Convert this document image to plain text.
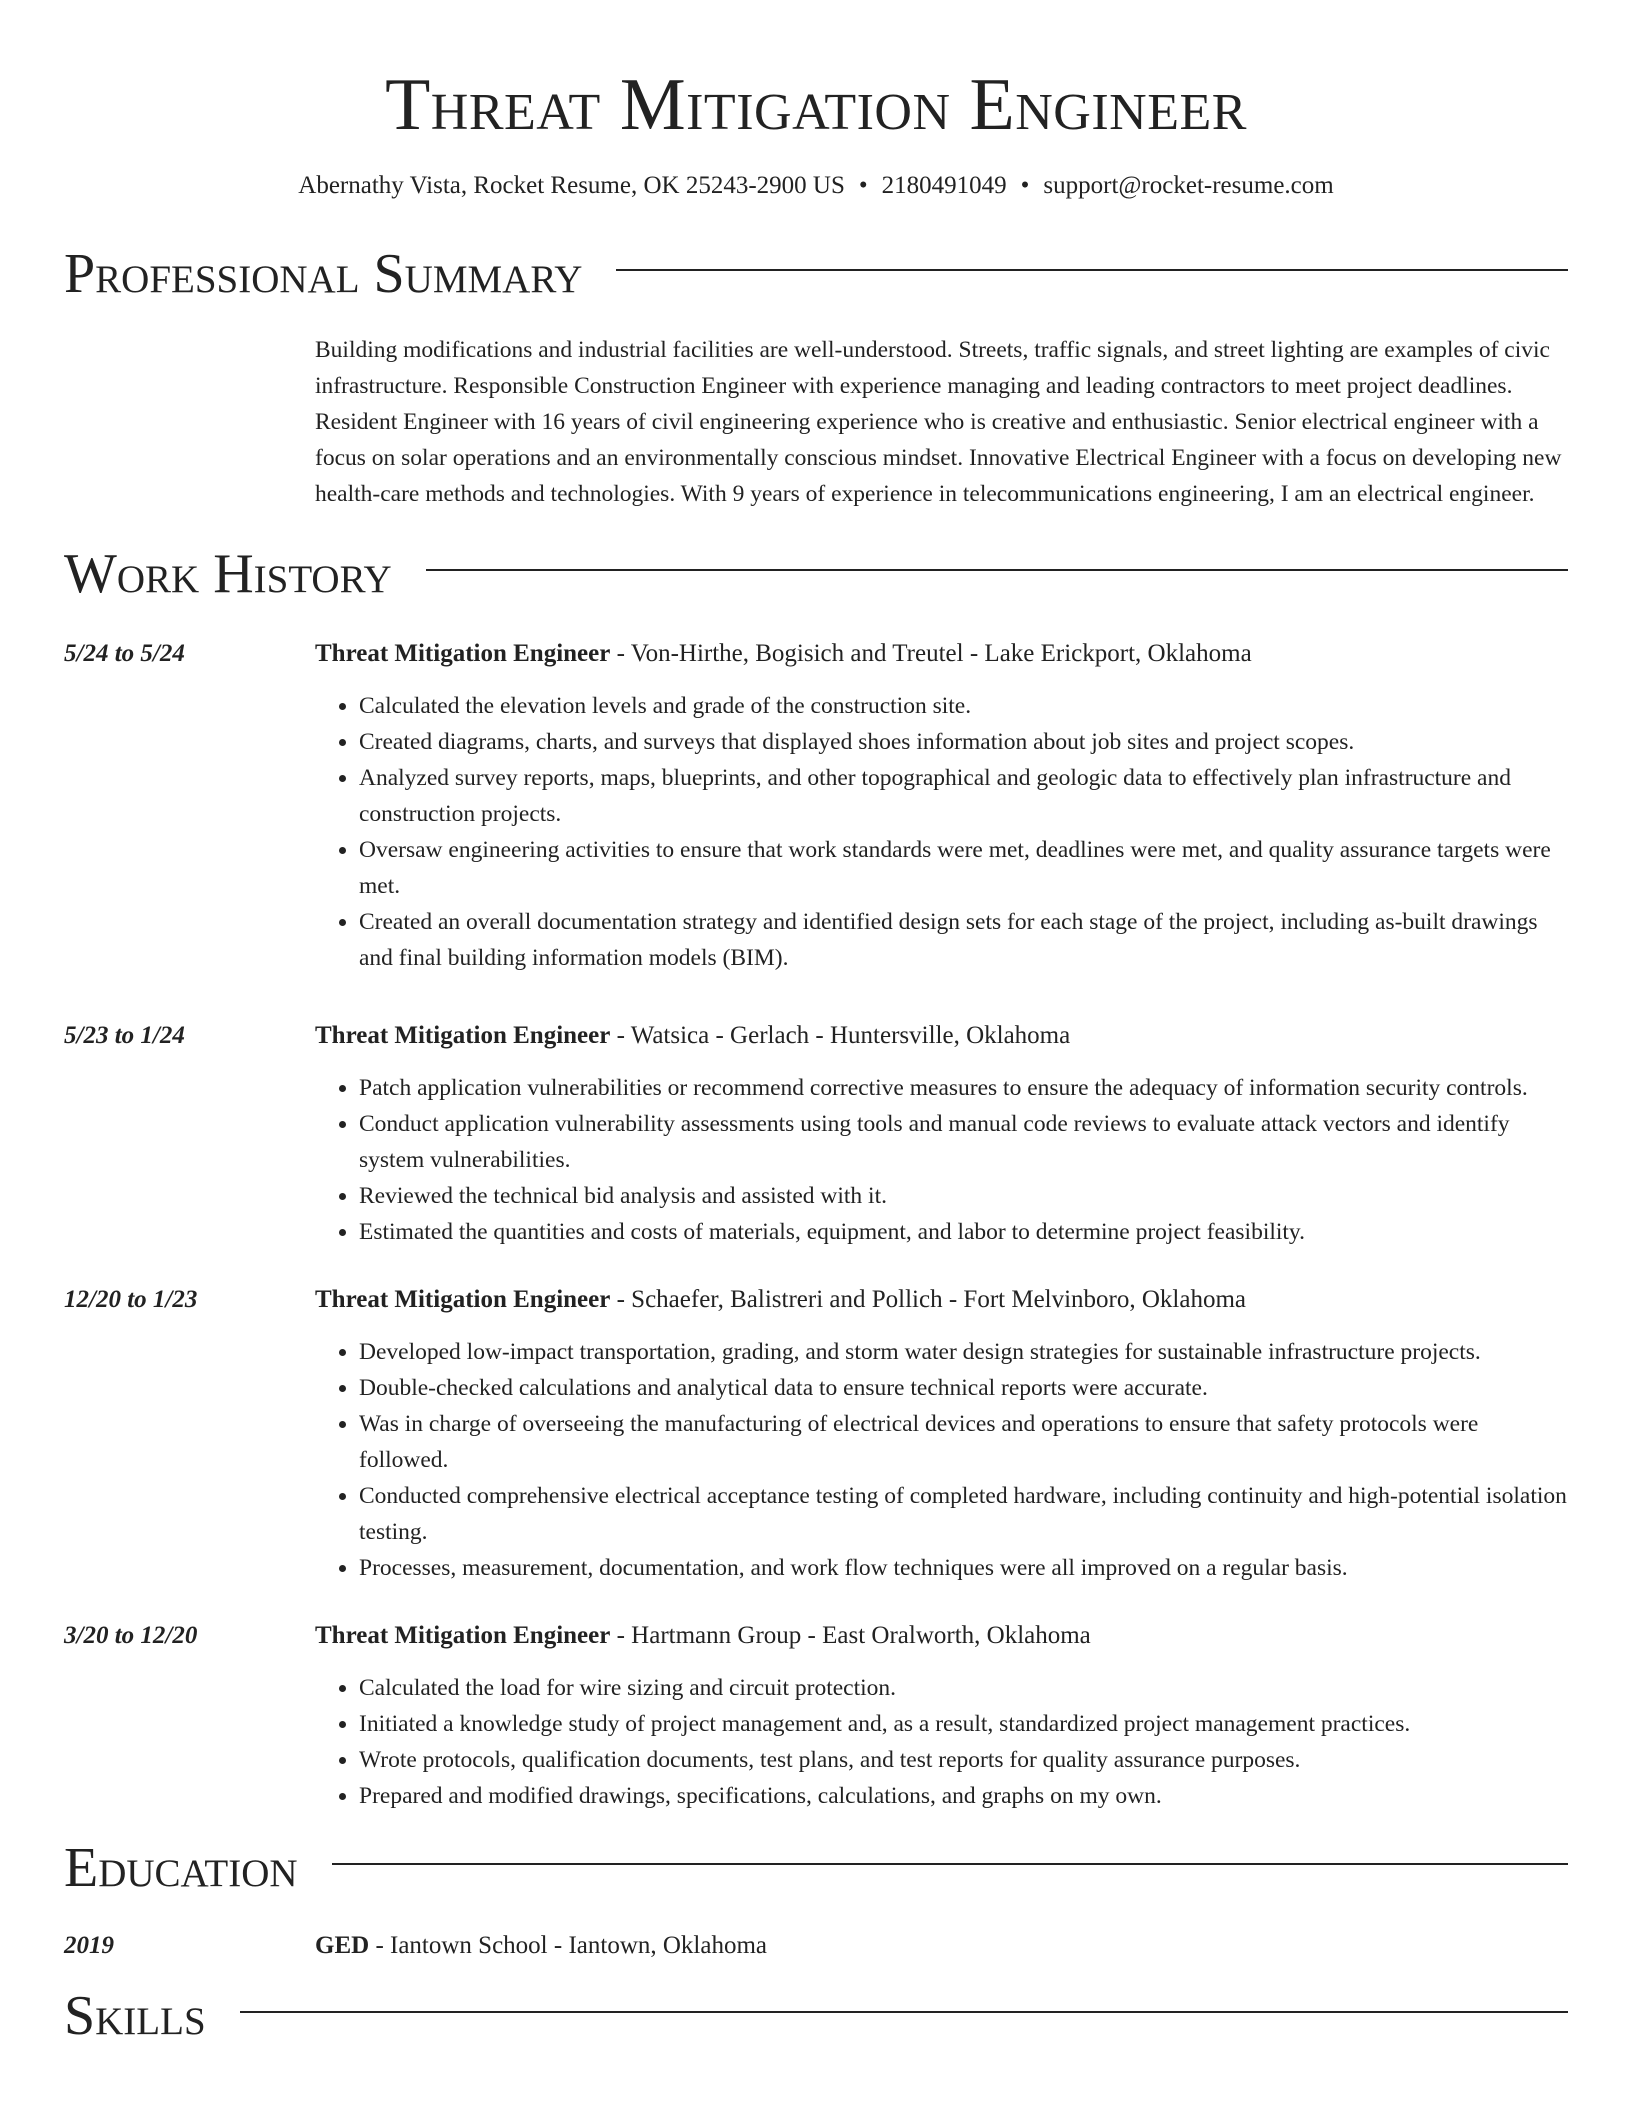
Threat Mitigation Engineer
Abernathy Vista, Rocket Resume, OK 25243-2900 US • 2180491049 • support@rocket-resume.com
Professional Summary

Building modifications and industrial facilities are well-understood. Streets, traffic signals, and street lighting are examples of civic infrastructure. Responsible Construction Engineer with experience managing and leading contractors to meet project deadlines. Resident Engineer with 16 years of civil engineering experience who is creative and enthusiastic. Senior electrical engineer with a focus on solar operations and an environmentally conscious mindset. Innovative Electrical Engineer with a focus on developing new health-care methods and technologies. With 9 years of experience in telecommunications engineering, I am an electrical engineer.

Work History
5/24 to 5/24	Threat Mitigation Engineer - Von-Hirthe, Bogisich and Treutel - Lake Erickport, Oklahoma
• Calculated the elevation levels and grade of the construction site.
• Created diagrams, charts, and surveys that displayed shoes information about job sites and project scopes.
• Analyzed survey reports, maps, blueprints, and other topographical and geologic data to effectively plan infrastructure and construction projects.
• Oversaw engineering activities to ensure that work standards were met, deadlines were met, and quality assurance targets were met.
• Created an overall documentation strategy and identified design sets for each stage of the project, including as-built drawings and final building information models (BIM).
5/23 to 1/24	Threat Mitigation Engineer - Watsica - Gerlach - Huntersville, Oklahoma
• Patch application vulnerabilities or recommend corrective measures to ensure the adequacy of information security controls.
• Conduct application vulnerability assessments using tools and manual code reviews to evaluate attack vectors and identify system vulnerabilities.
• Reviewed the technical bid analysis and assisted with it.
• Estimated the quantities and costs of materials, equipment, and labor to determine project feasibility.
12/20 to 1/23	Threat Mitigation Engineer - Schaefer, Balistreri and Pollich - Fort Melvinboro, Oklahoma
• Developed low-impact transportation, grading, and storm water design strategies for sustainable infrastructure projects.
• Double-checked calculations and analytical data to ensure technical reports were accurate.
• Was in charge of overseeing the manufacturing of electrical devices and operations to ensure that safety protocols were followed.
• Conducted comprehensive electrical acceptance testing of completed hardware, including continuity and high-potential isolation testing.
• Processes, measurement, documentation, and work flow techniques were all improved on a regular basis.
3/20 to 12/20	Threat Mitigation Engineer - Hartmann Group - East Oralworth, Oklahoma
• Calculated the load for wire sizing and circuit protection.
• Initiated a knowledge study of project management and, as a result, standardized project management practices.
• Wrote protocols, qualification documents, test plans, and test reports for quality assurance purposes.
• Prepared and modified drawings, specifications, calculations, and graphs on my own.
Education
2019	GED - Iantown School - Iantown, Oklahoma
Skills
